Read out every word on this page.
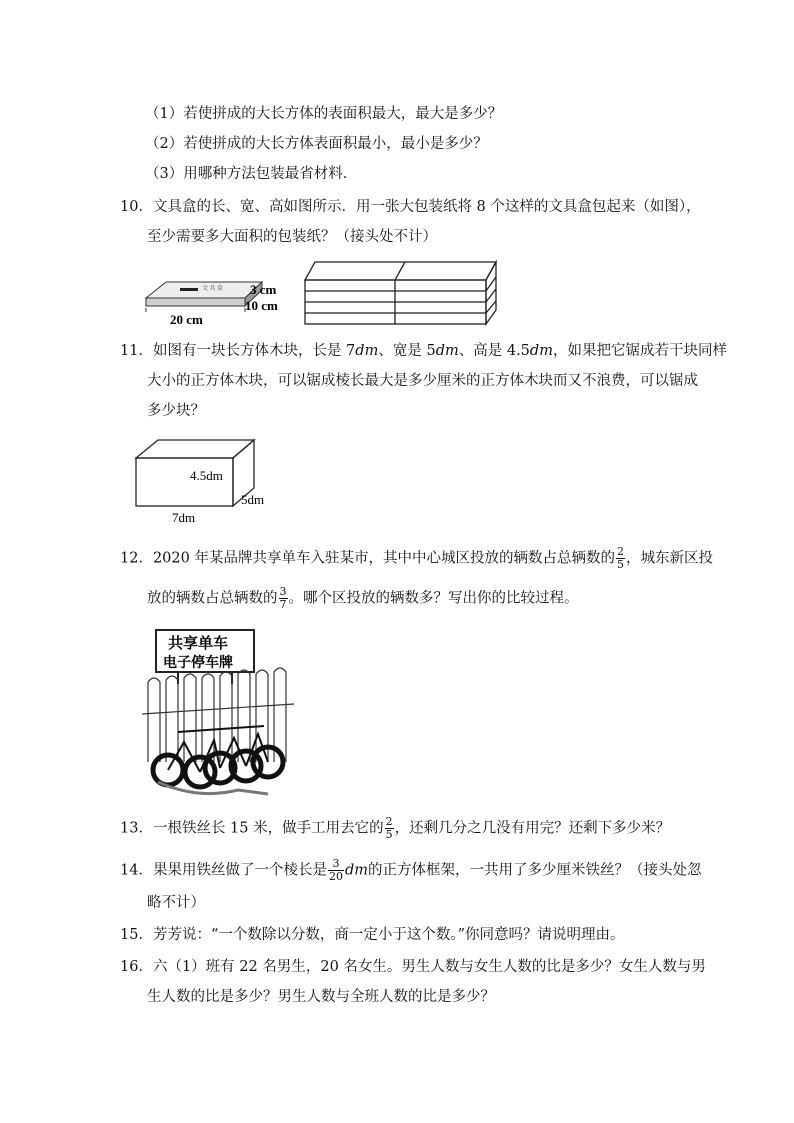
（1）若使拼成的大长方体的表面积最大，最大是多少？
（2）若使拼成的大长方体表面积最小，最小是多少？
（3）用哪种方法包装最省材料．
10．文具盒的长、宽、高如图所示．用一张大包装纸将 8 个这样的文具盒包起来（如图），
至少需要多大面积的包装纸？（接头处不计）
文 具 盒 3 cm
10 cm
20 cm
11．如图有一块长方体木块，长是 7dm、宽是 5dm、高是 4.5dm，如果把它锯成若干块同样
大小的正方体木块，可以锯成棱长最大是多少厘米的正方体木块而又不浪费，可以锯成
多少块？
4.5dm
5dm
7dm
12．2020 年某品牌共享单车入驻某市，其中中心城区投放的辆数占总辆数的 $\frac{2}{5}$ ，城东新区投
放的辆数占总辆数的 $\frac{3}{7}$ 。哪个区投放的辆数多？写出你的比较过程。
共享单车
电子停车牌
13．一根铁丝长 15 米，做手工用去它的 $\frac{2}{5}$ ，还剩几分之几没有用完？还剩下多少米？
14．果果用铁丝做了一个棱长是 $\frac{3}{20}$ dm的正方体框架，一共用了多少厘米铁丝？（接头处忽
略不计）
15．芳芳说：“一个数除以分数，商一定小于这个数。”你同意吗？请说明理由。
16．六（1）班有 22 名男生，20 名女生。男生人数与女生人数的比是多少？女生人数与男
生人数的比是多少？男生人数与全班人数的比是多少？
